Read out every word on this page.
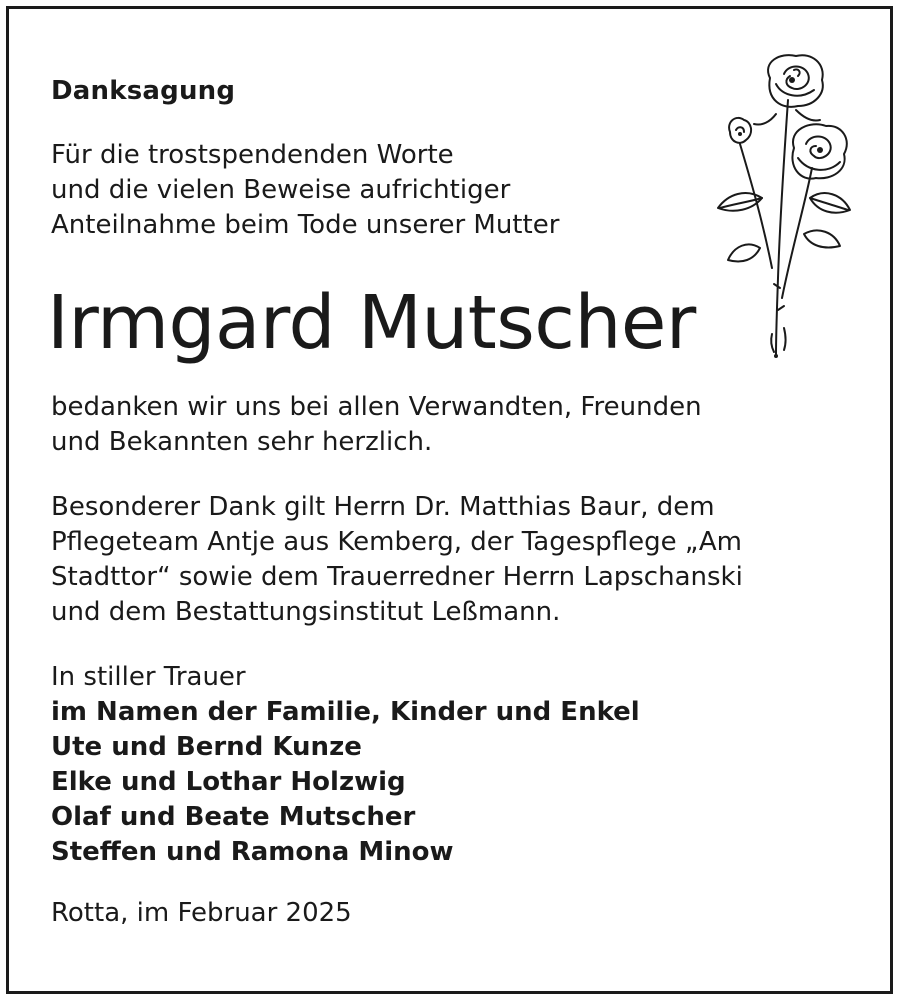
Danksagung
Für die trostspendenden Worte
und die vielen Beweise aufrichtiger
Anteilnahme beim Tode unserer Mutter
Irmgard Mutscher
bedanken wir uns bei allen Verwandten, Freunden
und Bekannten sehr herzlich.
Besonderer Dank gilt Herrn Dr. Matthias Baur, dem
Pflegeteam Antje aus Kemberg, der Tagespflege „Am
Stadttor“ sowie dem Trauerredner Herrn Lapschanski
und dem Bestattungsinstitut Leßmann.
In stiller Trauer
im Namen der Familie, Kinder und Enkel
Ute und Bernd Kunze
Elke und Lothar Holzwig
Olaf und Beate Mutscher
Steffen und Ramona Minow
Rotta, im Februar 2025
